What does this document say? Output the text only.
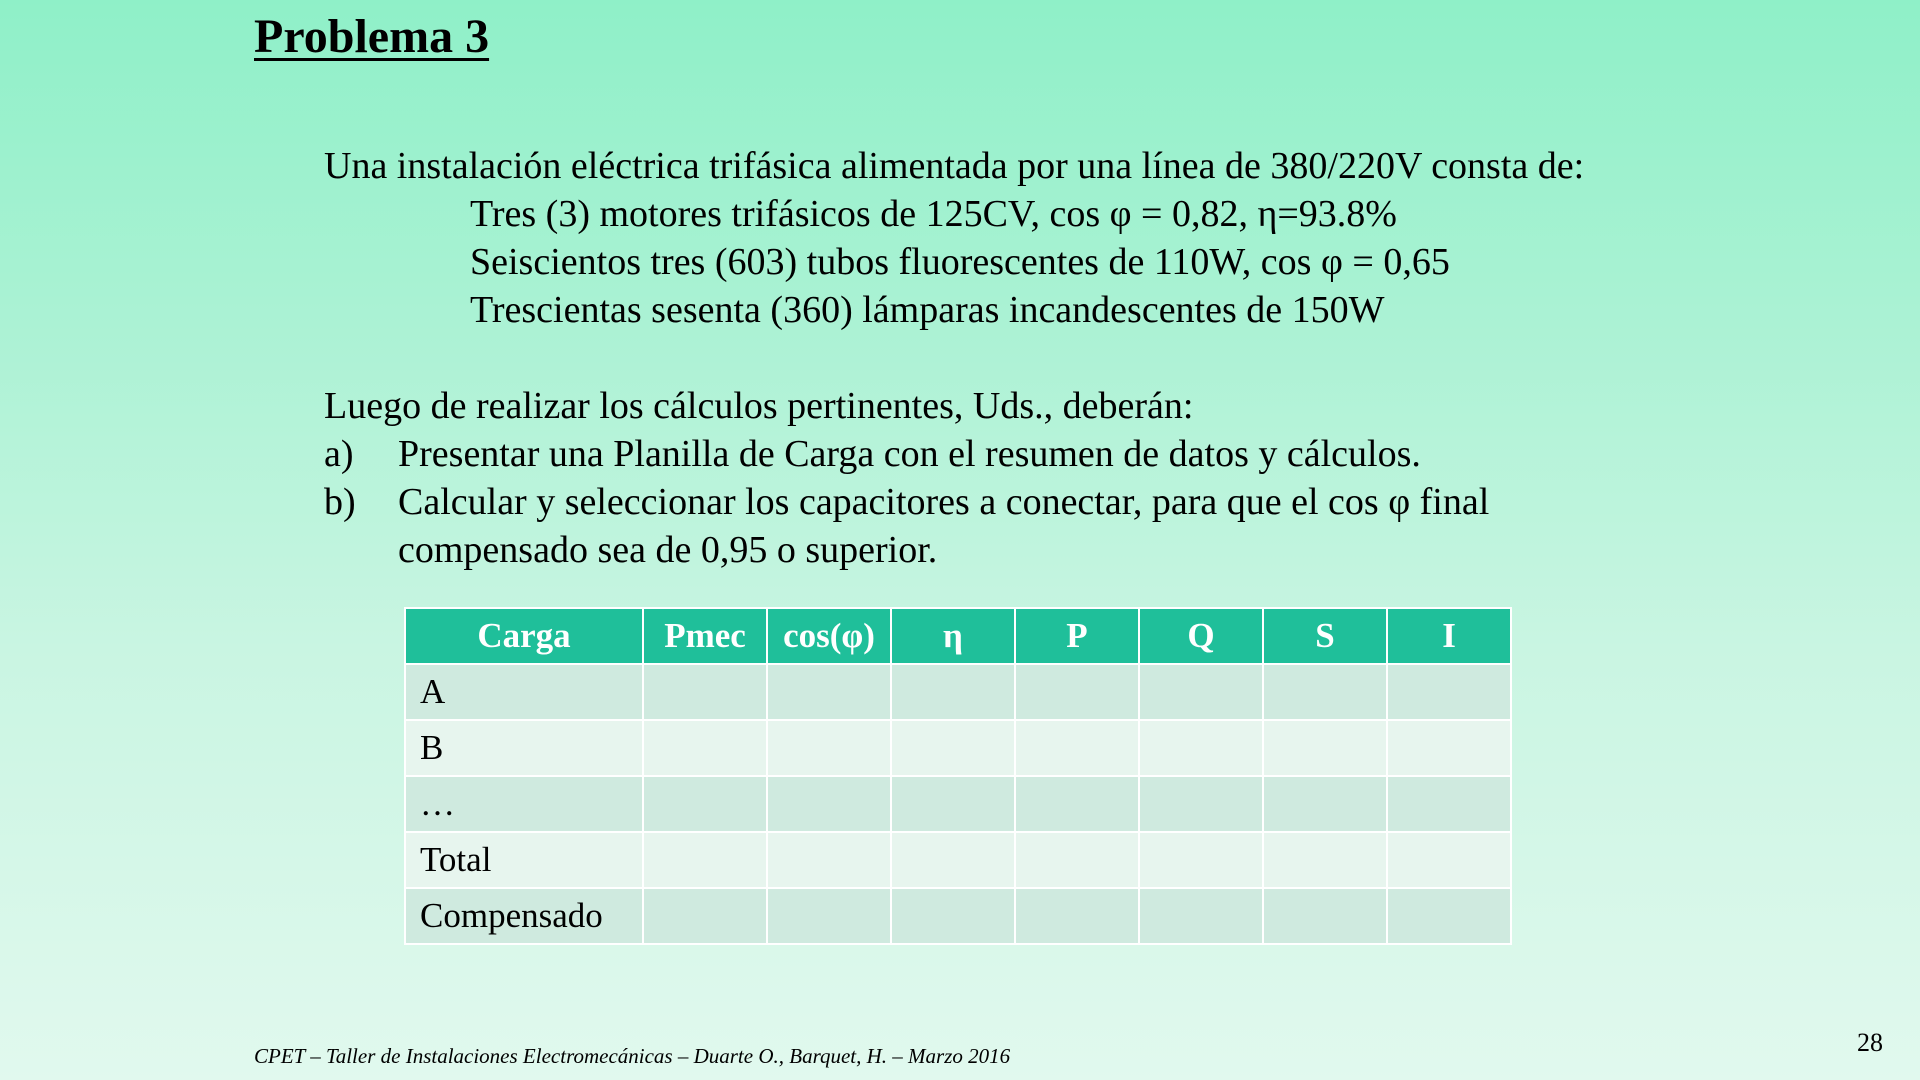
Problema 3

Una instalación eléctrica trifásica alimentada por una línea de 380/220V consta de:

Tres (3) motores trifásicos de 125CV, cos φ = 0,82, η=93.8%

Seiscientos tres (603) tubos fluorescentes de 110W, cos φ = 0,65

Trescientas sesenta (360) lámparas incandescentes de 150W

Luego de realizar los cálculos pertinentes, Uds., deberán:

a)	Presentar una Planilla de Carga con el resumen de datos y cálculos.
b)	Calcular y seleccionar los capacitores a conectar, para que el cos φ final compensado sea de 0,95 o superior.
Carga	Pmec	cos(φ)	η	P	Q	S	I
A							
B							
…							
Total							
Compensado							
CPET – Taller de Instalaciones Electromecánicas – Duarte O., Barquet, H. – Marzo 2016	28
